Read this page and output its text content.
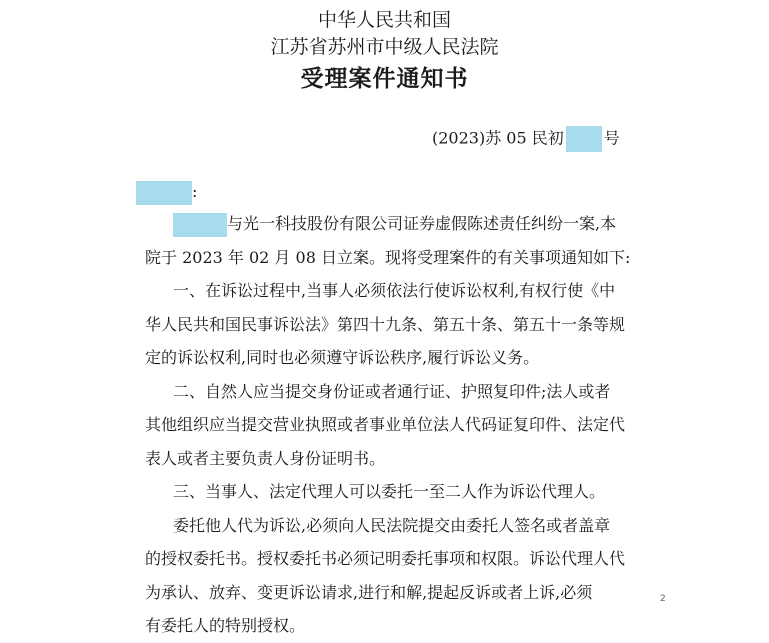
中华人民共和国
江苏省苏州市中级人民法院
受理案件通知书
(2023)苏 05 民初	号
:
与光一科技股份有限公司证券虚假陈述责任纠纷一案,本
院于 2023 年 02 月 08 日立案。现将受理案件的有关事项通知如下:
一、在诉讼过程中,当事人必须依法行使诉讼权利,有权行使《中
华人民共和国民事诉讼法》第四十九条、第五十条、第五十一条等规
定的诉讼权利,同时也必须遵守诉讼秩序,履行诉讼义务。
二、自然人应当提交身份证或者通行证、护照复印件;法人或者
其他组织应当提交营业执照或者事业单位法人代码证复印件、法定代
表人或者主要负责人身份证明书。
三、当事人、法定代理人可以委托一至二人作为诉讼代理人。
委托他人代为诉讼,必须向人民法院提交由委托人签名或者盖章
的授权委托书。授权委托书必须记明委托事项和权限。诉讼代理人代
为承认、放弃、变更诉讼请求,进行和解,提起反诉或者上诉,必须
有委托人的特别授权。
2
